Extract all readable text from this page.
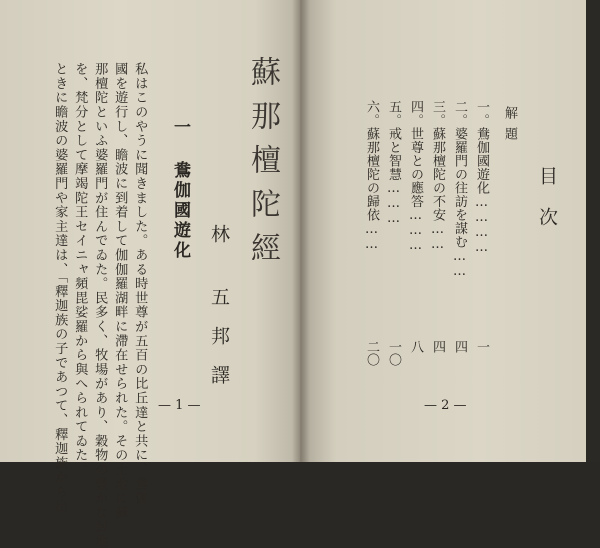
蘇那檀陀經
林五邦譯
一 鴦伽國遊化
私はこのやうに聞きました。ある時世尊が五百の比丘達と共に、鴦伽
國を遊行し、瞻波に到着して伽伽羅湖畔に滯在せられた。その土地に蘇
那檀陀といふ婆羅門が住んでゐた。民多く、牧場があり、穀物の豐かな封地
を、梵分として摩竭陀王セイニャ頻毘娑羅から與へられてゐた。
ときに瞻波の婆羅門や家主達は、「釋迦族の子であつて、釋迦族から出	— 1 —	— 2 —
目次
解題
一。鴦伽國遊化…………
二。婆羅門の往訪を謀む……
三。蘇那檀陀の不安……
四。世尊との應答………
五。戒と智慧………
六。蘇那檀陀の歸依……
一
四
四
八
一〇
二〇
